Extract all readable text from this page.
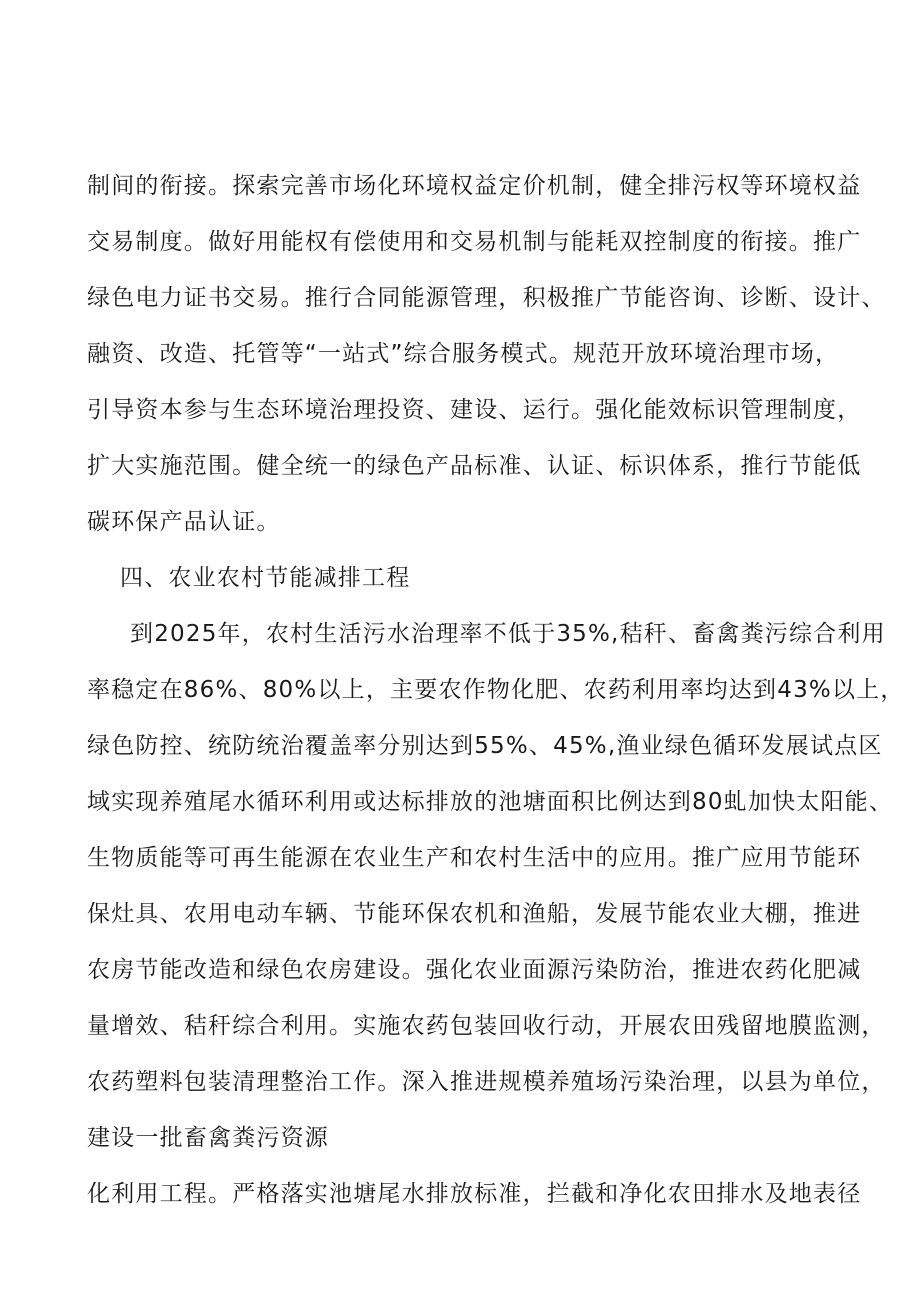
制间的衔接。探索完善市场化环境权益定价机制，健全排污权等环境权益
交易制度。做好用能权有偿使用和交易机制与能耗双控制度的衔接。推广
绿色电力证书交易。推行合同能源管理，积极推广节能咨询、诊断、设计、
融资、改造、托管等“一站式”综合服务模式。规范开放环境治理市场，
引导资本参与生态环境治理投资、建设、运行。强化能效标识管理制度，
扩大实施范围。健全统一的绿色产品标准、认证、标识体系，推行节能低
碳环保产品认证。
四、农业农村节能减排工程
到2025年，农村生活污水治理率不低于35%,秸秆、畜禽粪污综合利用
率稳定在86%、80%以上，主要农作物化肥、农药利用率均达到43%以上，
绿色防控、统防统治覆盖率分别达到55%、45%,渔业绿色循环发展试点区
域实现养殖尾水循环利用或达标排放的池塘面积比例达到80虬加快太阳能、
生物质能等可再生能源在农业生产和农村生活中的应用。推广应用节能环
保灶具、农用电动车辆、节能环保农机和渔船，发展节能农业大棚，推进
农房节能改造和绿色农房建设。强化农业面源污染防治，推进农药化肥减
量增效、秸秆综合利用。实施农药包装回收行动，开展农田残留地膜监测，
农药塑料包装清理整治工作。深入推进规模养殖场污染治理，以县为单位，
建设一批畜禽粪污资源
化利用工程。严格落实池塘尾水排放标准，拦截和净化农田排水及地表径
